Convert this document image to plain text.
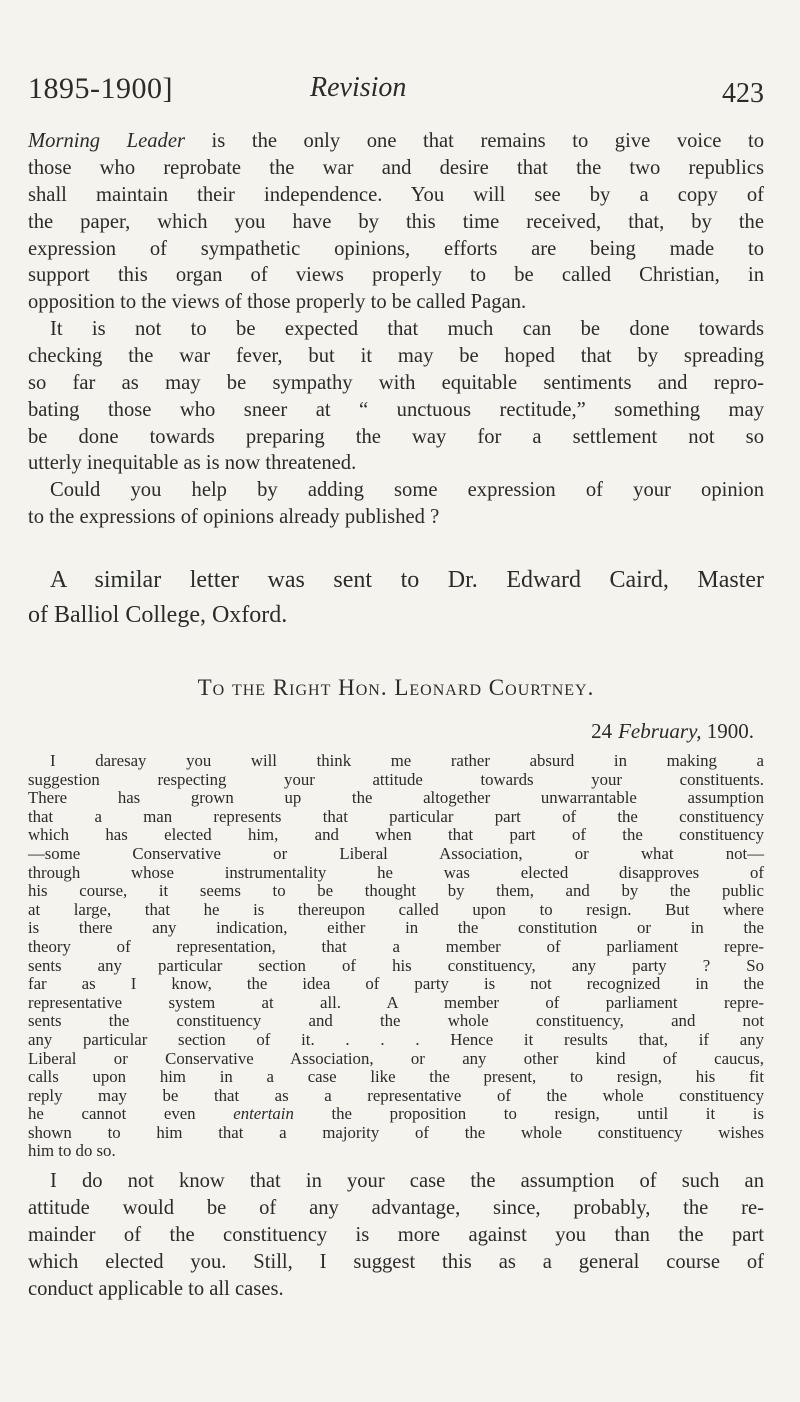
1895-1900]	Revision	423
Morning Leader is the only one that remains to give voice to
those who reprobate the war and desire that the two republics
shall maintain their independence. You will see by a copy of
the paper, which you have by this time received, that, by the
expression of sympathetic opinions, efforts are being made to
support this organ of views properly to be called Christian, in
opposition to the views of those properly to be called Pagan.
It is not to be expected that much can be done towards
checking the war fever, but it may be hoped that by spreading
so far as may be sympathy with equitable sentiments and repro-
bating those who sneer at “ unctuous rectitude,” something may
be done towards preparing the way for a settlement not so
utterly inequitable as is now threatened.
Could you help by adding some expression of your opinion
to the expressions of opinions already published ?
A similar letter was sent to Dr. Edward Caird, Master
of Balliol College, Oxford.
To the Right Hon. Leonard Courtney.
24 February, 1900.
I daresay you will think me rather absurd in making a
suggestion respecting your attitude towards your constituents.
There has grown up the altogether unwarrantable assumption
that a man represents that particular part of the constituency
which has elected him, and when that part of the constituency
—some Conservative or Liberal Association, or what not—
through whose instrumentality he was elected disapproves of
his course, it seems to be thought by them, and by the public
at large, that he is thereupon called upon to resign. But where
is there any indication, either in the constitution or in the
theory of representation, that a member of parliament repre-
sents any particular section of his constituency, any party ? So
far as I know, the idea of party is not recognized in the
representative system at all. A member of parliament repre-
sents the constituency and the whole constituency, and not
any particular section of it. . . . Hence it results that, if any
Liberal or Conservative Association, or any other kind of caucus,
calls upon him in a case like the present, to resign, his fit
reply may be that as a representative of the whole constituency
he cannot even entertain the proposition to resign, until it is
shown to him that a majority of the whole constituency wishes
him to do so.
I do not know that in your case the assumption of such an
attitude would be of any advantage, since, probably, the re-
mainder of the constituency is more against you than the part
which elected you. Still, I suggest this as a general course of
conduct applicable to all cases.
